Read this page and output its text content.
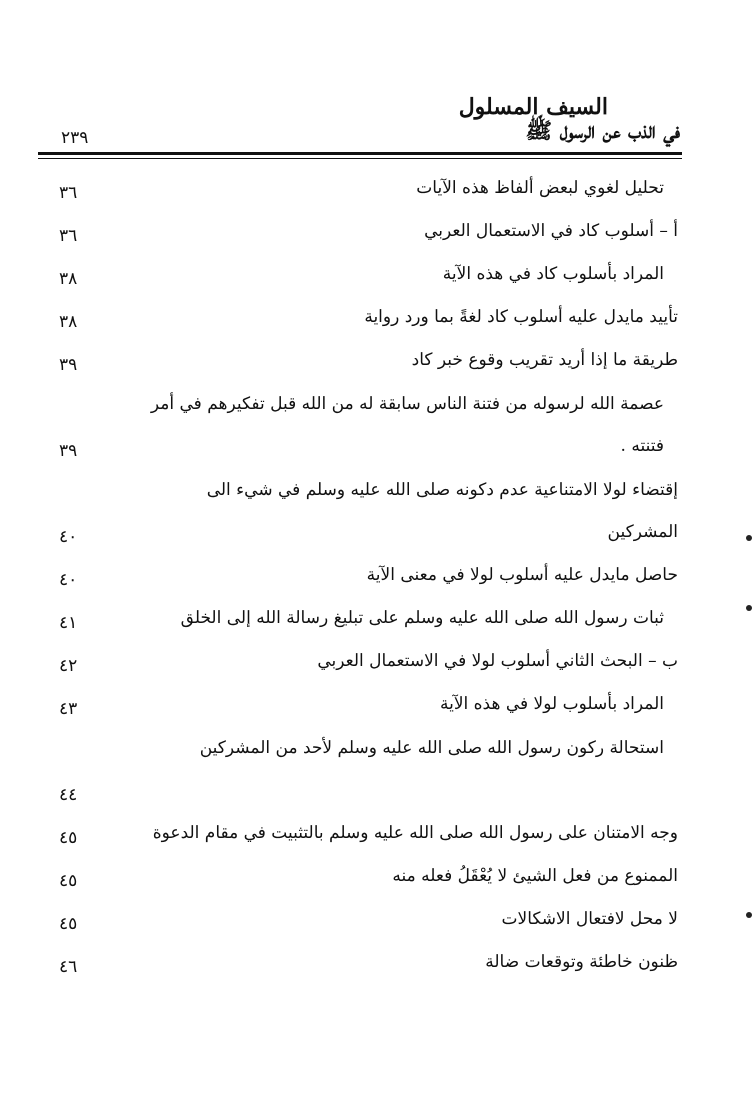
السيف المسلول
في الذب عن الرسول ﷺ
٢٣٩
تحليل لغوي لبعض ألفاظ هذه الآيات
٣٦
أ – أسلوب كاد في الاستعمال العربي
٣٦
المراد بأسلوب كاد في هذه الآية
٣٨
تأييد مايدل عليه أسلوب كاد لغةً بما ورد رواية
٣٨
طريقة ما إذا أريد تقريب وقوع خبر كاد
٣٩
عصمة الله لرسوله من فتنة الناس سابقة له من الله قبل تفكيرهم في أمر فتنته .
٣٩
إقتضاء لولا الامتناعية عدم دكونه صلى الله عليه وسلم في شيء الى المشركين
٤٠
حاصل مايدل عليه أسلوب لولا في معنى الآية
٤٠
ثبات رسول الله صلى الله عليه وسلم على تبليغ رسالة الله إلى الخلق
٤١
ب – البحث الثاني أسلوب لولا في الاستعمال العربي
٤٢
المراد بأسلوب لولا في هذه الآية
٤٣
استحالة ركون رسول الله صلى الله عليه وسلم لأحد من المشركين
٤٤
وجه الامتنان على رسول الله صلى الله عليه وسلم بالتثبيت في مقام الدعوة
٤٥
الممنوع من فعل الشيئ لا يُعْقَلُ فعله منه
٤٥
لا محل لافتعال الاشكالات
٤٥
ظنون خاطئة وتوقعات ضالة
٤٦
